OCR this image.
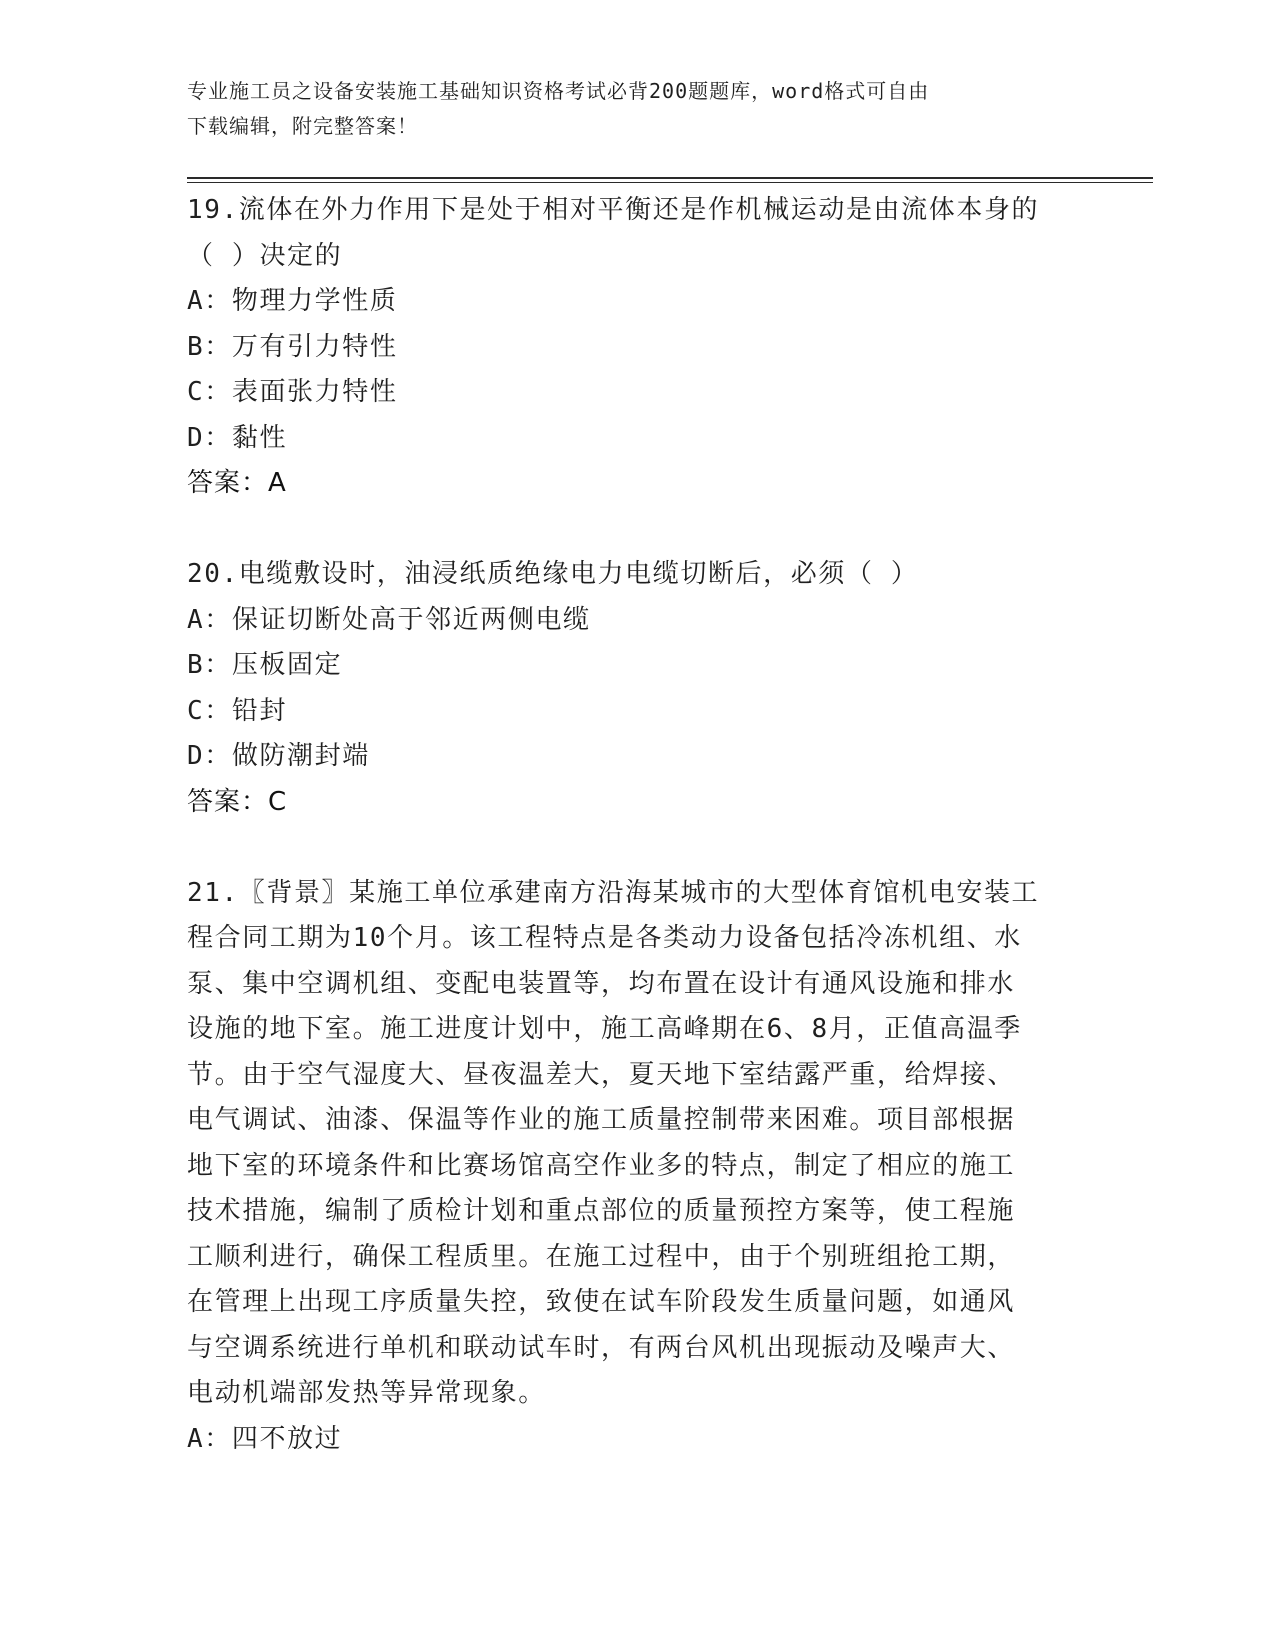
专业施工员之设备安装施工基础知识资格考试必背200题题库，word格式可自由
下载编辑，附完整答案！

19.流体在外力作用下是处于相对平衡还是作机械运动是由流体本身的

（ ）决定的

A：物理力学性质

B：万有引力特性

C：表面张力特性

D：黏性

答案：A

20.电缆敷设时，油浸纸质绝缘电力电缆切断后，必须（ ）

A：保证切断处高于邻近两侧电缆

B：压板固定

C：铅封

D：做防潮封端

答案：C

21.〖背景〗某施工单位承建南方沿海某城市的大型体育馆机电安装工

程合同工期为10个月。该工程特点是各类动力设备包括冷冻机组、水

泵、集中空调机组、变配电装置等，均布置在设计有通风设施和排水

设施的地下室。施工进度计划中，施工高峰期在6、8月，正值高温季

节。由于空气湿度大、昼夜温差大，夏天地下室结露严重，给焊接、

电气调试、油漆、保温等作业的施工质量控制带来困难。项目部根据

地下室的环境条件和比赛场馆高空作业多的特点，制定了相应的施工

技术措施，编制了质检计划和重点部位的质量预控方案等，使工程施

工顺利进行，确保工程质里。在施工过程中，由于个别班组抢工期，

在管理上出现工序质量失控，致使在试车阶段发生质量问题，如通风

与空调系统进行单机和联动试车时，有两台风机出现振动及噪声大、

电动机端部发热等异常现象。

A：四不放过
